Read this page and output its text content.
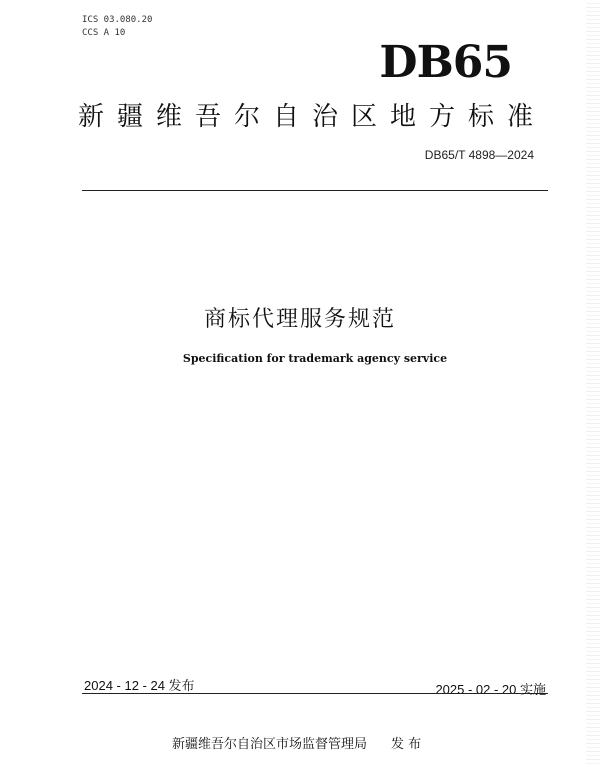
ICS 03.080.20
CCS A 10
DB65
新疆维吾尔自治区地方标准
DB65/T 4898—2024
商标代理服务规范
Specification for trademark agency service
2024 - 12 - 24 发布	2025 - 02 - 20 实施
新疆维吾尔自治区市场监督管理局 发 布
